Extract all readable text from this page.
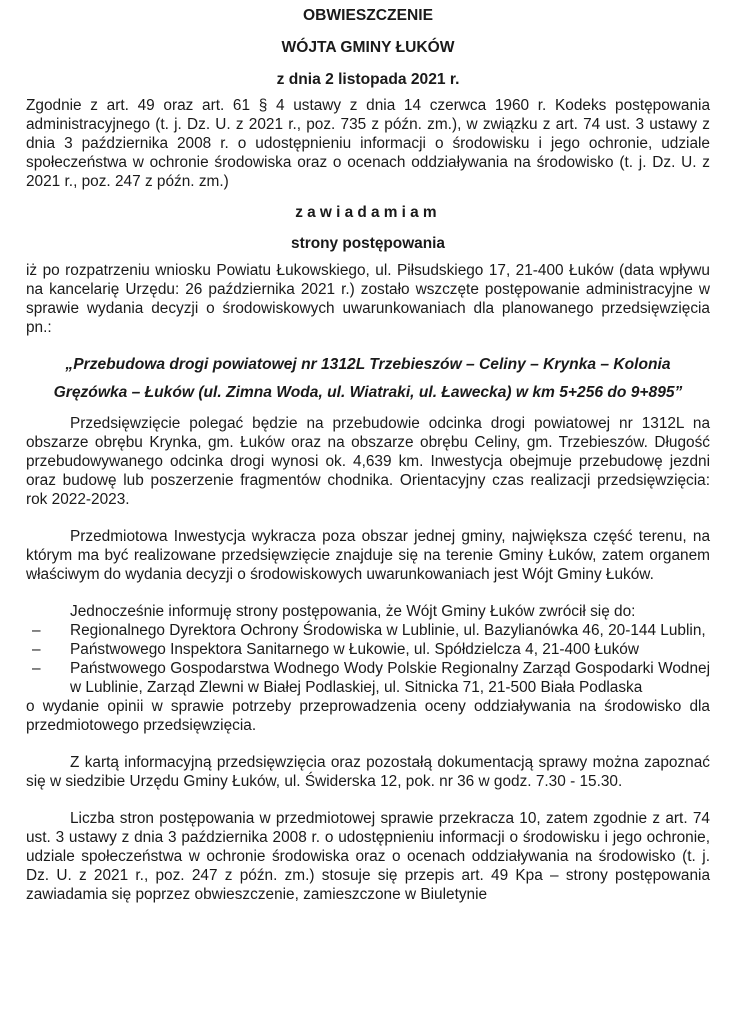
OBWIESZCZENIE
WÓJTA GMINY ŁUKÓW
z dnia 2 listopada 2021 r.

Zgodnie z art. 49 oraz art. 61 § 4 ustawy z dnia 14 czerwca 1960 r. Kodeks postępowania administracyjnego (t. j. Dz. U. z 2021 r., poz. 735 z późn. zm.), w związku z art. 74 ust. 3 ustawy z dnia 3 października 2008 r. o udostępnieniu informacji o środowisku i jego ochronie, udziale społeczeństwa w ochronie środowiska oraz o ocenach oddziaływania na środowisko (t. j. Dz. U. z 2021 r., poz. 247 z późn. zm.)

zawiadamiam
strony postępowania

iż po rozpatrzeniu wniosku Powiatu Łukowskiego, ul. Piłsudskiego 17, 21-400 Łuków (data wpływu na kancelarię Urzędu: 26 października 2021 r.) zostało wszczęte postępowanie administracyjne w sprawie wydania decyzji o środowiskowych uwarunkowaniach dla planowanego przedsięwzięcia pn.:

„Przebudowa drogi powiatowej nr 1312L Trzebieszów – Celiny – Krynka – Kolonia
Gręzówka – Łuków (ul. Zimna Woda, ul. Wiatraki, ul. Ławecka) w km 5+256 do 9+895”

Przedsięwzięcie polegać będzie na przebudowie odcinka drogi powiatowej nr 1312L na obszarze obrębu Krynka, gm. Łuków oraz na obszarze obrębu Celiny, gm. Trzebieszów. Długość przebudowywanego odcinka drogi wynosi ok. 4,639 km. Inwestycja obejmuje przebudowę jezdni oraz budowę lub poszerzenie fragmentów chodnika. Orientacyjny czas realizacji przedsięwzięcia: rok 2022-2023.

Przedmiotowa Inwestycja wykracza poza obszar jednej gminy, największa część terenu, na którym ma być realizowane przedsięwzięcie znajduje się na terenie Gminy Łuków, zatem organem właściwym do wydania decyzji o środowiskowych uwarunkowaniach jest Wójt Gminy Łuków.

Jednocześnie informuję strony postępowania, że Wójt Gminy Łuków zwrócił się do:

– Regionalnego Dyrektora Ochrony Środowiska w Lublinie, ul. Bazylianówka 46, 20-144 Lublin,
– Państwowego Inspektora Sanitarnego w Łukowie, ul. Spółdzielcza 4, 21-400 Łuków
– Państwowego Gospodarstwa Wodnego Wody Polskie Regionalny Zarząd Gospodarki Wodnej w Lublinie, Zarząd Zlewni w Białej Podlaskiej, ul. Sitnicka 71, 21-500 Biała Podlaska

o wydanie opinii w sprawie potrzeby przeprowadzenia oceny oddziaływania na środowisko dla przedmiotowego przedsięwzięcia.

Z kartą informacyjną przedsięwzięcia oraz pozostałą dokumentacją sprawy można zapoznać się w siedzibie Urzędu Gminy Łuków, ul. Świderska 12, pok. nr 36 w godz. 7.30 - 15.30.

Liczba stron postępowania w przedmiotowej sprawie przekracza 10, zatem zgodnie z art. 74 ust. 3 ustawy z dnia 3 października 2008 r. o udostępnieniu informacji o środowisku i jego ochronie, udziale społeczeństwa w ochronie środowiska oraz o ocenach oddziaływania na środowisko (t. j. Dz. U. z 2021 r., poz. 247 z późn. zm.) stosuje się przepis art. 49 Kpa – strony postępowania zawiadamia się poprzez obwieszczenie, zamieszczone w Biuletynie
